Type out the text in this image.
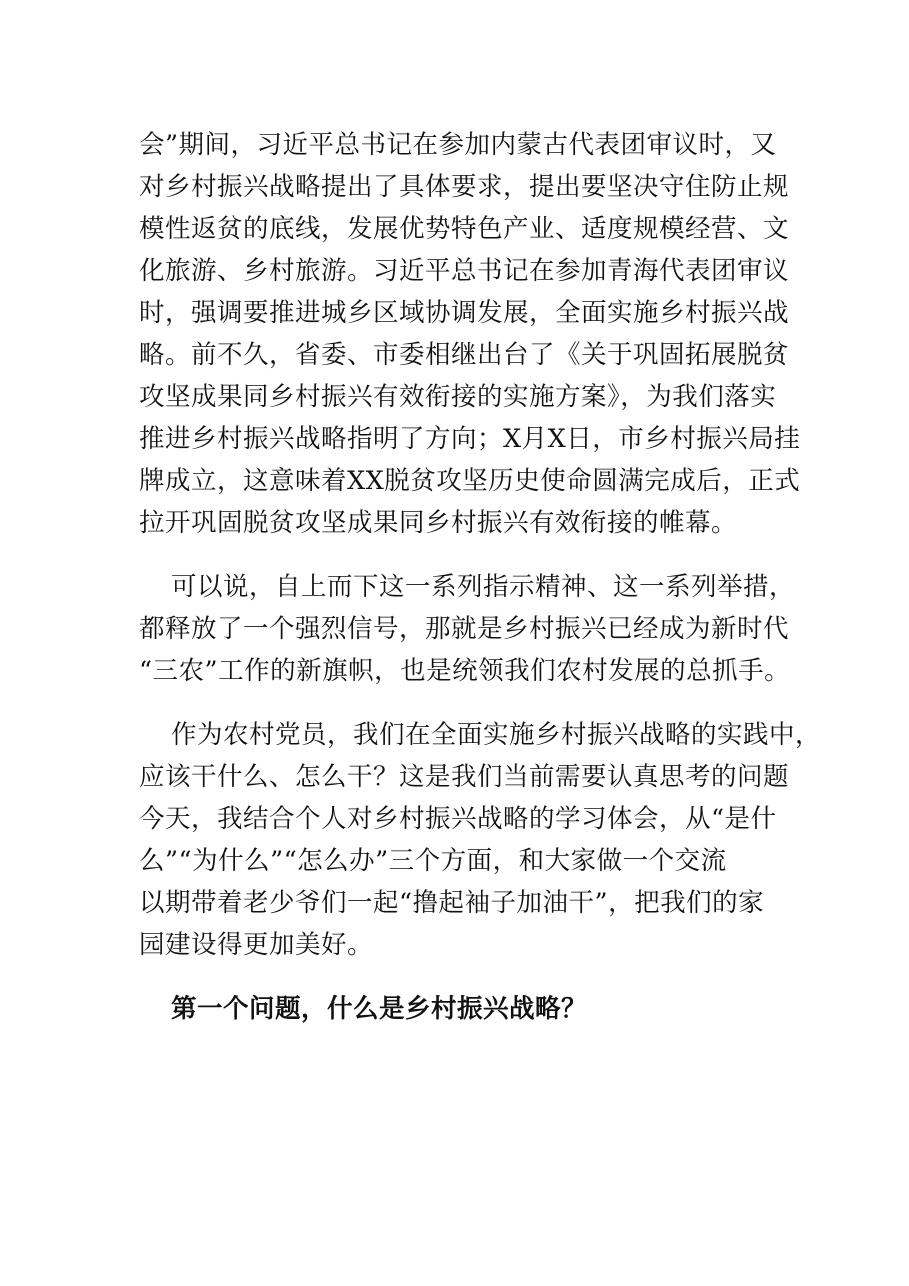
会”期间，习近平总书记在参加内蒙古代表团审议时，又
对乡村振兴战略提出了具体要求，提出要坚决守住防止规
模性返贫的底线，发展优势特色产业、适度规模经营、文
化旅游、乡村旅游。习近平总书记在参加青海代表团审议
时，强调要推进城乡区域协调发展，全面实施乡村振兴战
略。前不久，省委、市委相继出台了《关于巩固拓展脱贫
攻坚成果同乡村振兴有效衔接的实施方案》，为我们落实
推进乡村振兴战略指明了方向；X月X日，市乡村振兴局挂
牌成立，这意味着XX脱贫攻坚历史使命圆满完成后，正式
拉开巩固脱贫攻坚成果同乡村振兴有效衔接的帷幕。
可以说，自上而下这一系列指示精神、这一系列举措，
都释放了一个强烈信号，那就是乡村振兴已经成为新时代
“三农”工作的新旗帜，也是统领我们农村发展的总抓手。
作为农村党员，我们在全面实施乡村振兴战略的实践中，
应该干什么、怎么干？这是我们当前需要认真思考的问题
今天，我结合个人对乡村振兴战略的学习体会，从“是什
么”“为什么”“怎么办”三个方面，和大家做一个交流
以期带着老少爷们一起“撸起袖子加油干”，把我们的家
园建设得更加美好。
第一个问题，什么是乡村振兴战略？
